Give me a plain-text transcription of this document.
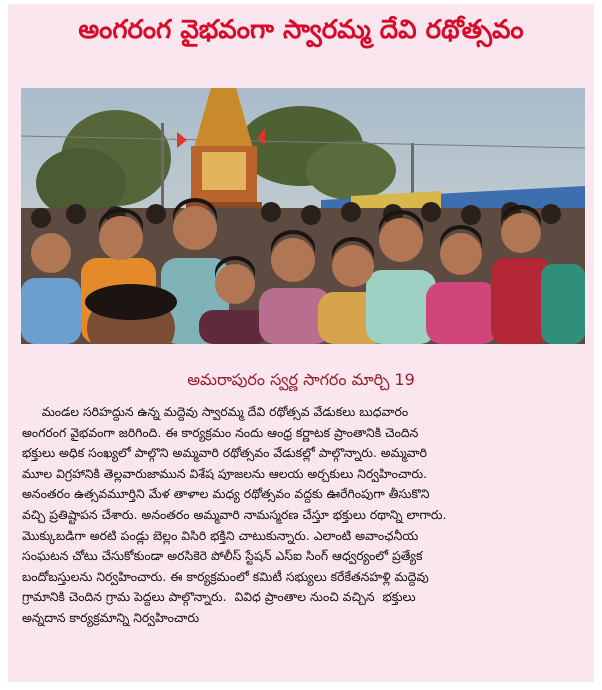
అంగరంగ వైభవంగా స్వారమ్మ దేవి రథోత్సవం
అమరాపురం స్వర్ణ సాగరం మార్చి 19
మండల సరిహద్దున ఉన్న మద్దెవు స్వారమ్మ దేవి రథోత్సవ వేడుకలు బుధవారం
అంగరంగ వైభవంగా జరిగింది. ఈ కార్యక్రమం నందు ఆంధ్ర కర్ణాటక ప్రాంతానికి చెందిన
భక్తులు అధిక సంఖ్యలో పాల్గొని అమ్మవారి రథోత్సవం వేడుకల్లో పాల్గొన్నారు. అమ్మవారి
మూల విగ్రహానికి తెల్లవారుజామున విశేష పూజలను ఆలయ అర్చకులు నిర్వహించారు.
అనంతరం ఉత్సవమూర్తిని మేళ తాళాల మధ్య రథోత్సవం వద్దకు ఊరేగింపుగా తీసుకొని
వచ్చి ప్రతిష్టాపన చేశారు. అనంతరం అమ్మవారి నామస్మరణ చేస్తూ భక్తులు రథాన్ని లాగారు.
మొక్కుబడిగా అరటి పండ్లు బెల్లం విసిరి భక్తిని చాటుకున్నారు. ఎలాంటి అవాంఛనీయ
సంఘటన చోటు చేసుకోకుండా అరసికెరె పోలీస్ స్టేషన్ ఎస్ఐ సింగ్ ఆధ్వర్యంలో ప్రత్యేక
బందోబస్తులను నిర్వహించారు. ఈ కార్యక్రమంలో కమిటీ సభ్యులు కరేకేతనహళ్లి మద్దెవు
గ్రామానికి చెందిన గ్రామ పెద్దలు పాల్గొన్నారు.  వివిధ ప్రాంతాల నుంచి వచ్చిన  భక్తులు
అన్నదాన కార్యక్రమాన్ని నిర్వహించారు
